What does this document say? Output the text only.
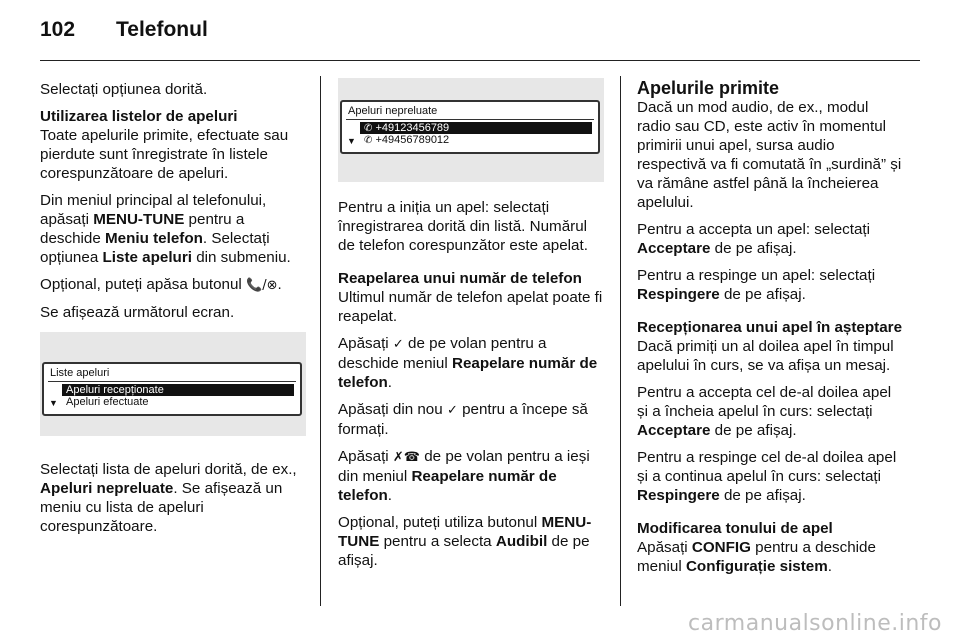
102 Telefonul

Selectați opțiunea dorită.

Utilizarea listelor de apeluri
Toate apelurile primite, efectuate sau pierdute sunt înregistrate în listele corespunzătoare de apeluri.

Din meniul principal al telefonului, apăsați MENU-TUNE pentru a deschide Meniu telefon. Selectați opțiunea Liste apeluri din submeniu.

Opțional, puteți apăsa butonul 📞/⊗.

Se afișează următorul ecran.

Liste apeluri
Apeluri recepționate
▼ Apeluri efectuate

Selectați lista de apeluri dorită, de ex., Apeluri nepreluate. Se afișează un meniu cu lista de apeluri corespunzătoare.

Apeluri nepreluate
✆ +49123456789
▼ ✆ +49456789012

Pentru a iniția un apel: selectați înregistrarea dorită din listă. Numărul de telefon corespunzător este apelat.

Reapelarea unui număr de telefon
Ultimul număr de telefon apelat poate fi reapelat.

Apăsați ✓ de pe volan pentru a deschide meniul Reapelare număr de telefon.

Apăsați din nou ✓ pentru a începe să formați.

Apăsați ✗☎ de pe volan pentru a ieși din meniul Reapelare număr de telefon.

Opțional, puteți utiliza butonul MENU-TUNE pentru a selecta Audibil de pe afișaj.

Apelurile primite
Dacă un mod audio, de ex., modul radio sau CD, este activ în momentul primirii unui apel, sursa audio respectivă va fi comutată în „surdină” și va rămâne astfel până la încheierea apelului.

Pentru a accepta un apel: selectați Acceptare de pe afișaj.

Pentru a respinge un apel: selectați Respingere de pe afișaj.

Recepționarea unui apel în așteptare
Dacă primiți un al doilea apel în timpul apelului în curs, se va afișa un mesaj.

Pentru a accepta cel de-al doilea apel și a încheia apelul în curs: selectați Acceptare de pe afișaj.

Pentru a respinge cel de-al doilea apel și a continua apelul în curs: selectați Respingere de pe afișaj.

Modificarea tonului de apel
Apăsați CONFIG pentru a deschide meniul Configurație sistem.
carmanualsonline.info
